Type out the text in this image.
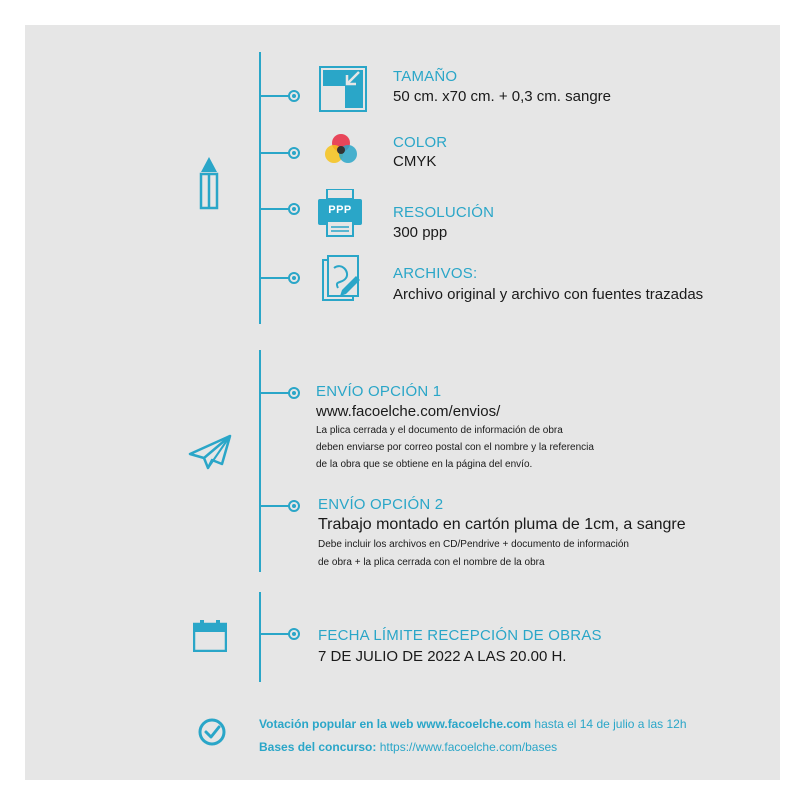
PPP
TAMAÑO
50 cm. x70 cm. + 0,3 cm. sangre
COLOR
CMYK
RESOLUCIÓN
300 ppp
ARCHIVOS:
Archivo original y archivo con fuentes trazadas
ENVÍO OPCIÓN 1
www.facoelche.com/envios/
La plica cerrada y el documento de información de obra
deben enviarse por correo postal con el nombre y la referencia
de la obra que se obtiene en la página del envío.
ENVÍO OPCIÓN 2
Trabajo montado en cartón pluma de 1cm, a sangre
Debe incluir los archivos en CD/Pendrive + documento de información
de obra + la plica cerrada con el nombre de la obra
FECHA LÍMITE RECEPCIÓN DE OBRAS
7 DE JULIO DE 2022 A LAS 20.00 H.
Votación popular en la web www.facoelche.com hasta el 14 de julio a las 12h
Bases del concurso: https://www.facoelche.com/bases
